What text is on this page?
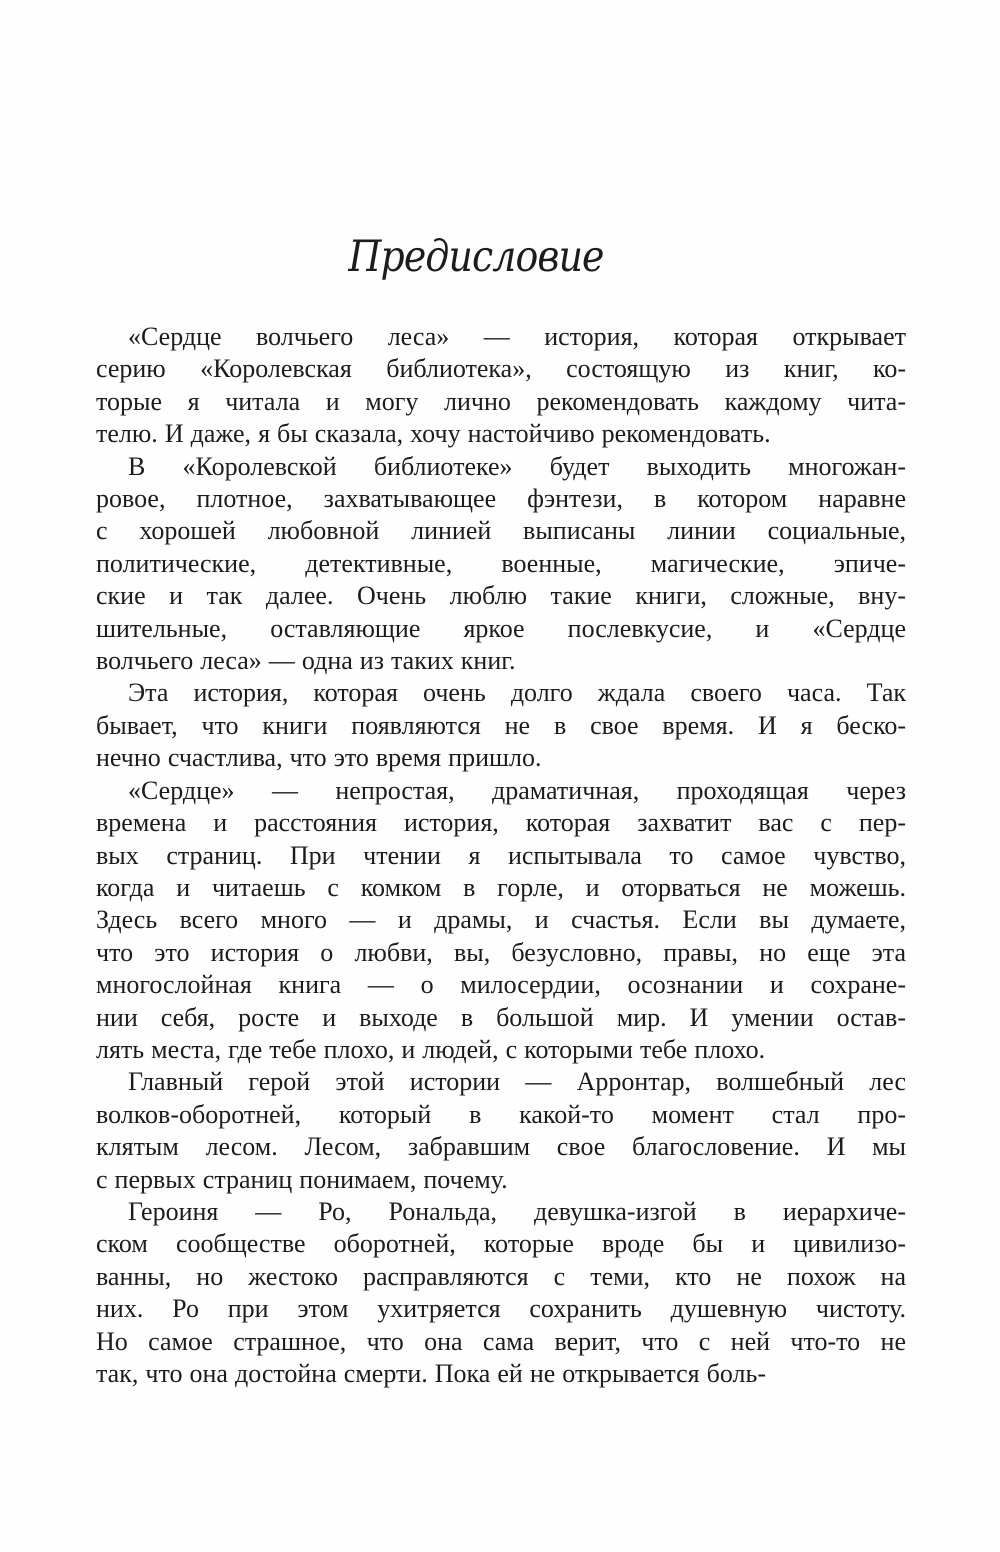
Предисловие

«Сердце волчьего леса» — история, которая открывает
серию «Королевская библиотека», состоящую из книг, ко-
торые я читала и могу лично рекомендовать каждому чита-
телю. И даже, я бы сказала, хочу настойчиво рекомендовать.

В «Королевской библиотеке» будет выходить многожан-
ровое, плотное, захватывающее фэнтези, в котором наравне
с хорошей любовной линией выписаны линии социальные,
политические, детективные, военные, магические, эпиче-
ские и так далее. Очень люблю такие книги, сложные, вну-
шительные, оставляющие яркое послевкусие, и «Сердце
волчьего леса» — одна из таких книг.

Эта история, которая очень долго ждала своего часа. Так
бывает, что книги появляются не в свое время. И я беско-
нечно счастлива, что это время пришло.

«Сердце» — непростая, драматичная, проходящая через
времена и расстояния история, которая захватит вас с пер-
вых страниц. При чтении я испытывала то самое чувство,
когда и читаешь с комком в горле, и оторваться не можешь.
Здесь всего много — и драмы, и счастья. Если вы думаете,
что это история о любви, вы, безусловно, правы, но еще эта
многослойная книга — о милосердии, осознании и сохране-
нии себя, росте и выходе в большой мир. И умении остав-
лять места, где тебе плохо, и людей, с которыми тебе плохо.

Главный герой этой истории — Арронтар, волшебный лес
волков-оборотней, который в какой-то момент стал про-
клятым лесом. Лесом, забравшим свое благословение. И мы
с первых страниц понимаем, почему.

Героиня — Ро, Рональда, девушка-изгой в иерархиче-
ском сообществе оборотней, которые вроде бы и цивилизо-
ванны, но жестоко расправляются с теми, кто не похож на
них. Ро при этом ухитряется сохранить душевную чистоту.
Но самое страшное, что она сама верит, что с ней что-то не
так, что она достойна смерти. Пока ей не открывается боль-
